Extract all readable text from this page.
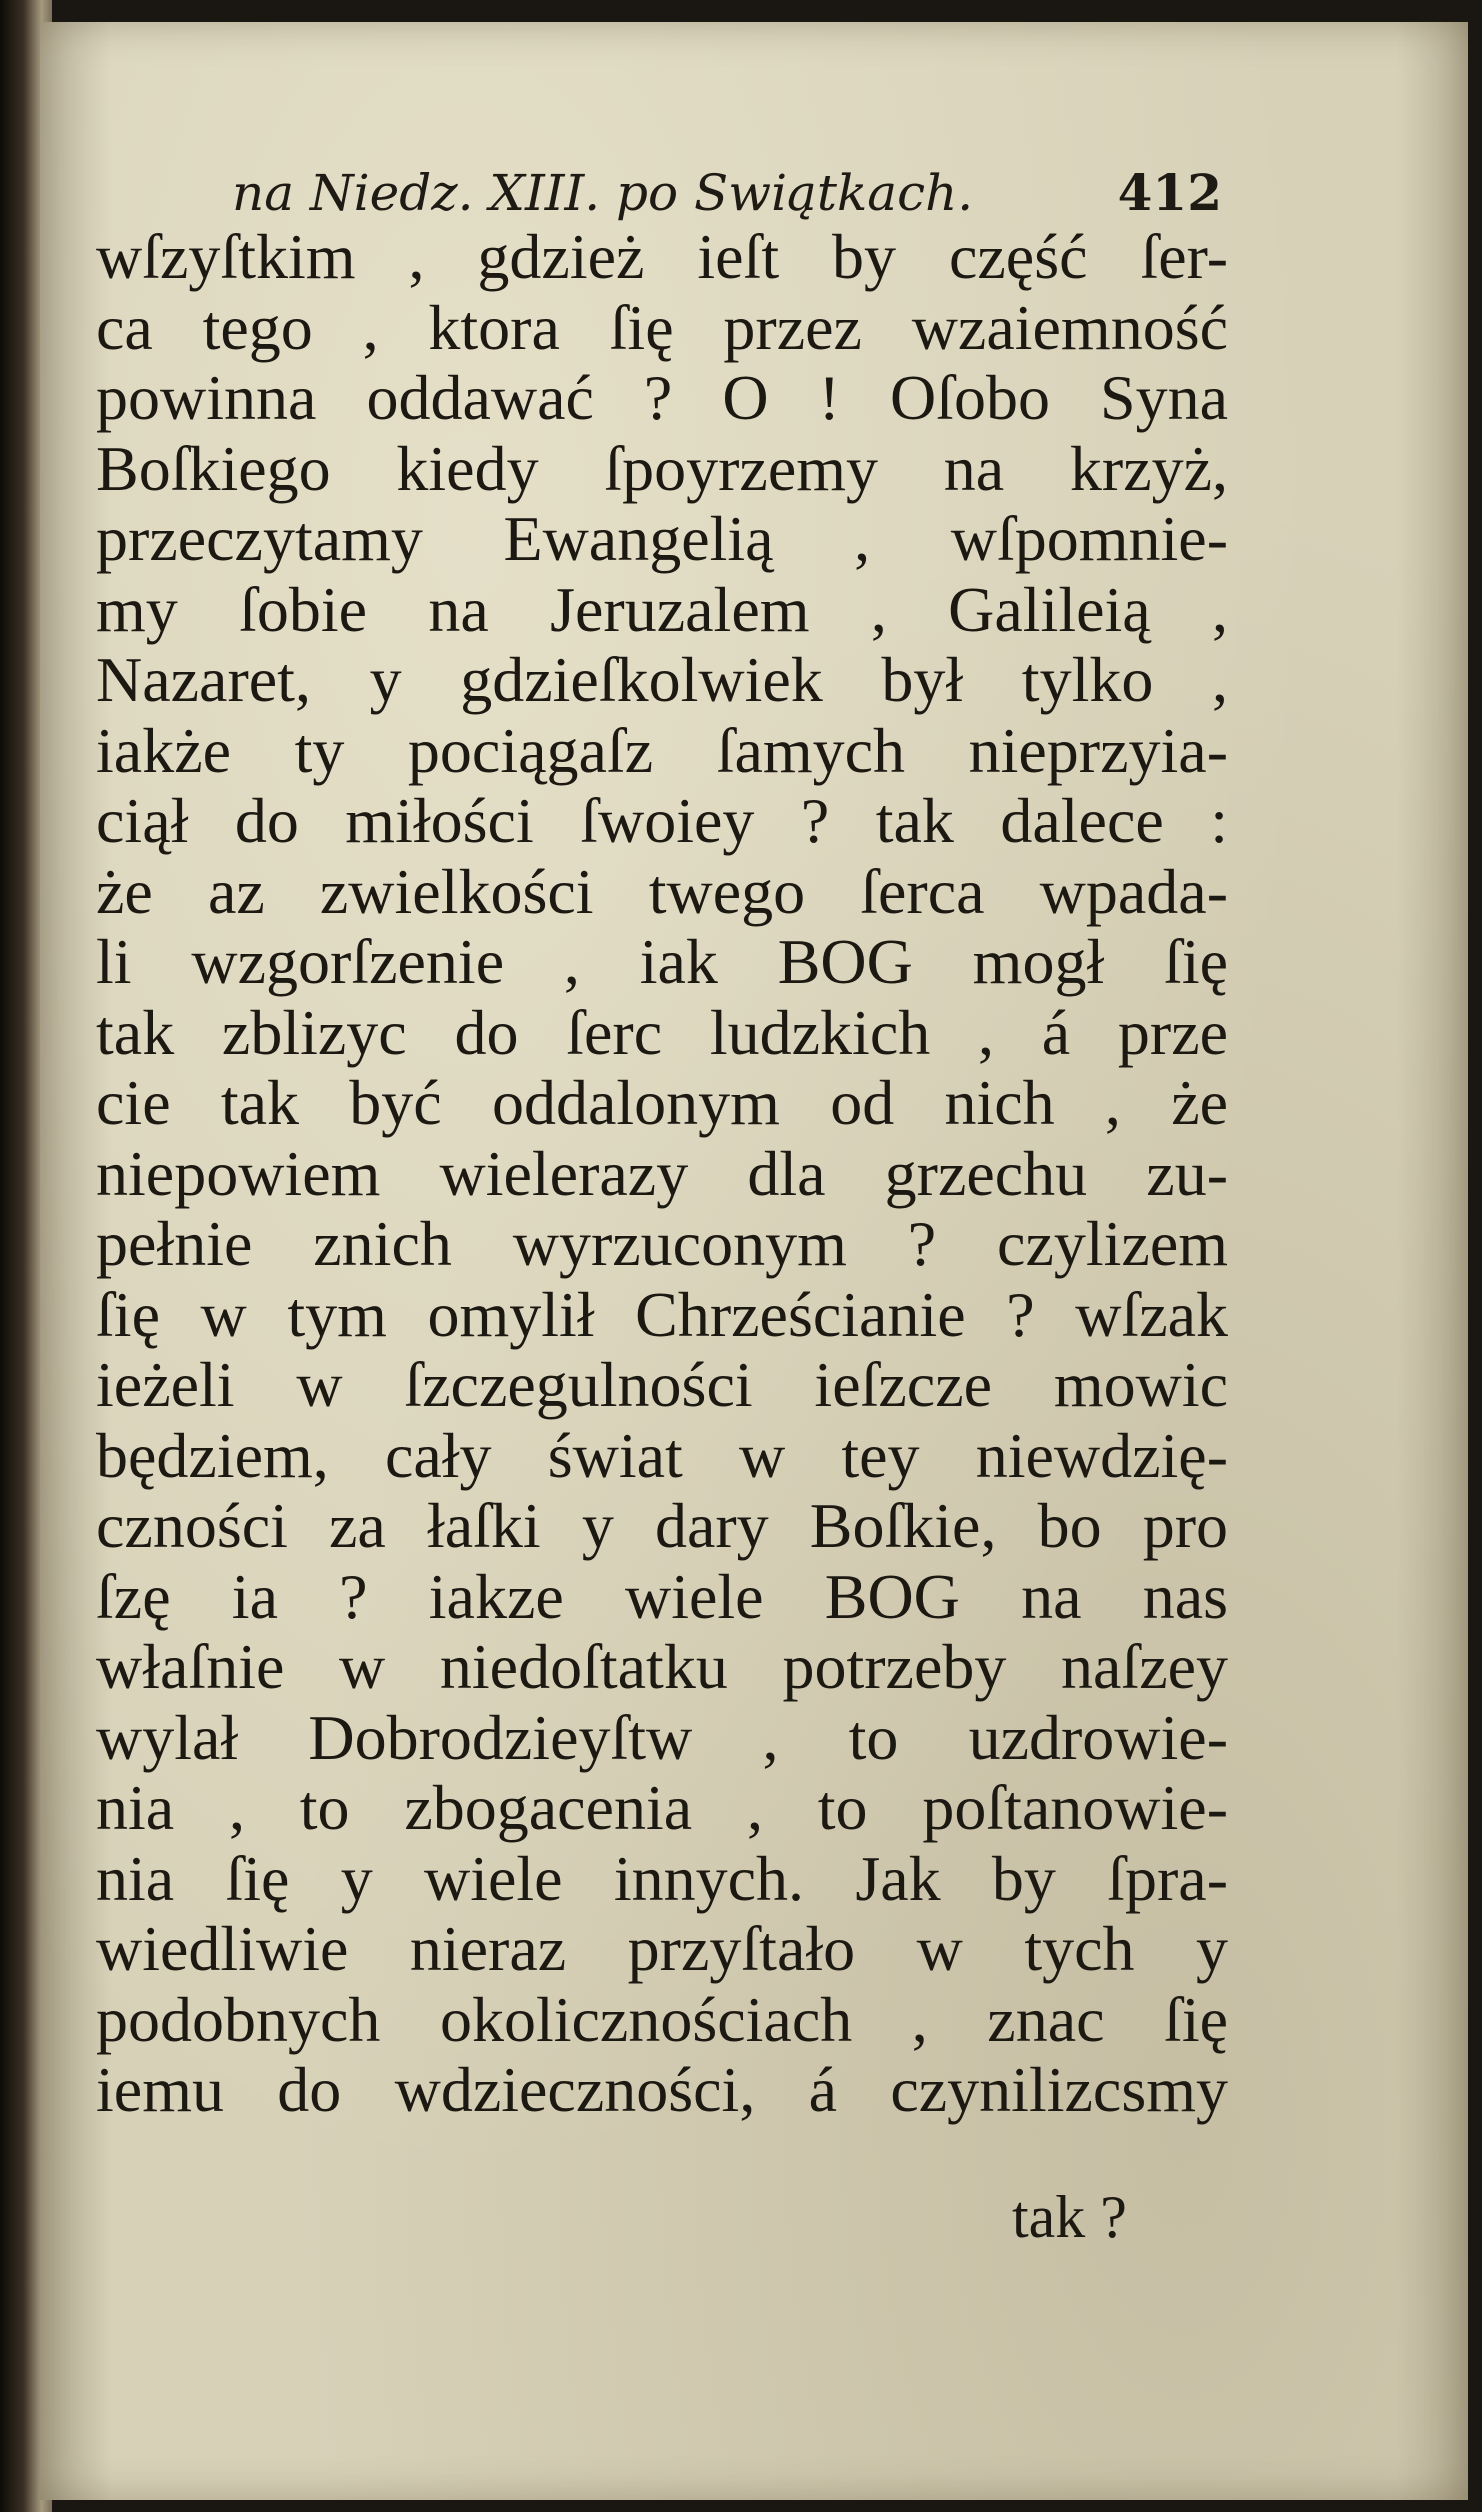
na Niedz. XIII. po Swiątkach.	412
wſzyſtkim , gdzież ieſt by część ſer-
ca tego , ktora ſię przez wzaiemność
powinna oddawać ? O ! Oſobo Syna
Boſkiego kiedy ſpoyrzemy na krzyż,
przeczytamy Ewangelią , wſpomnie-
my ſobie na Jeruzalem , Galileią ,
Nazaret, y gdzieſkolwiek był tylko ,
iakże ty pociągaſz ſamych nieprzyia-
ciął do miłości ſwoiey ? tak dalece :
że az zwielkości twego ſerca wpada-
li wzgorſzenie , iak BOG mogł ſię
tak zblizyc do ſerc ludzkich , á prze
cie tak być oddalonym od nich , że
niepowiem wielerazy dla grzechu zu-
pełnie znich wyrzuconym ? czylizem
ſię w tym omylił Chrześcianie ? wſzak
ieżeli w ſzczegulności ieſzcze mowic
będziem, cały świat w tey niewdzię-
czności za łaſki y dary Boſkie, bo pro
ſzę ia ? iakze wiele BOG na nas
właſnie w niedoſtatku potrzeby naſzey
wylał Dobrodzieyſtw , to uzdrowie-
nia , to zbogacenia , to poſtanowie-
nia ſię y wiele innych. Jak by ſpra-
wiedliwie nieraz przyſtało w tych y
podobnych okolicznościach , znac ſię
iemu do wdzieczności, á czynilizcsmy
tak ?
